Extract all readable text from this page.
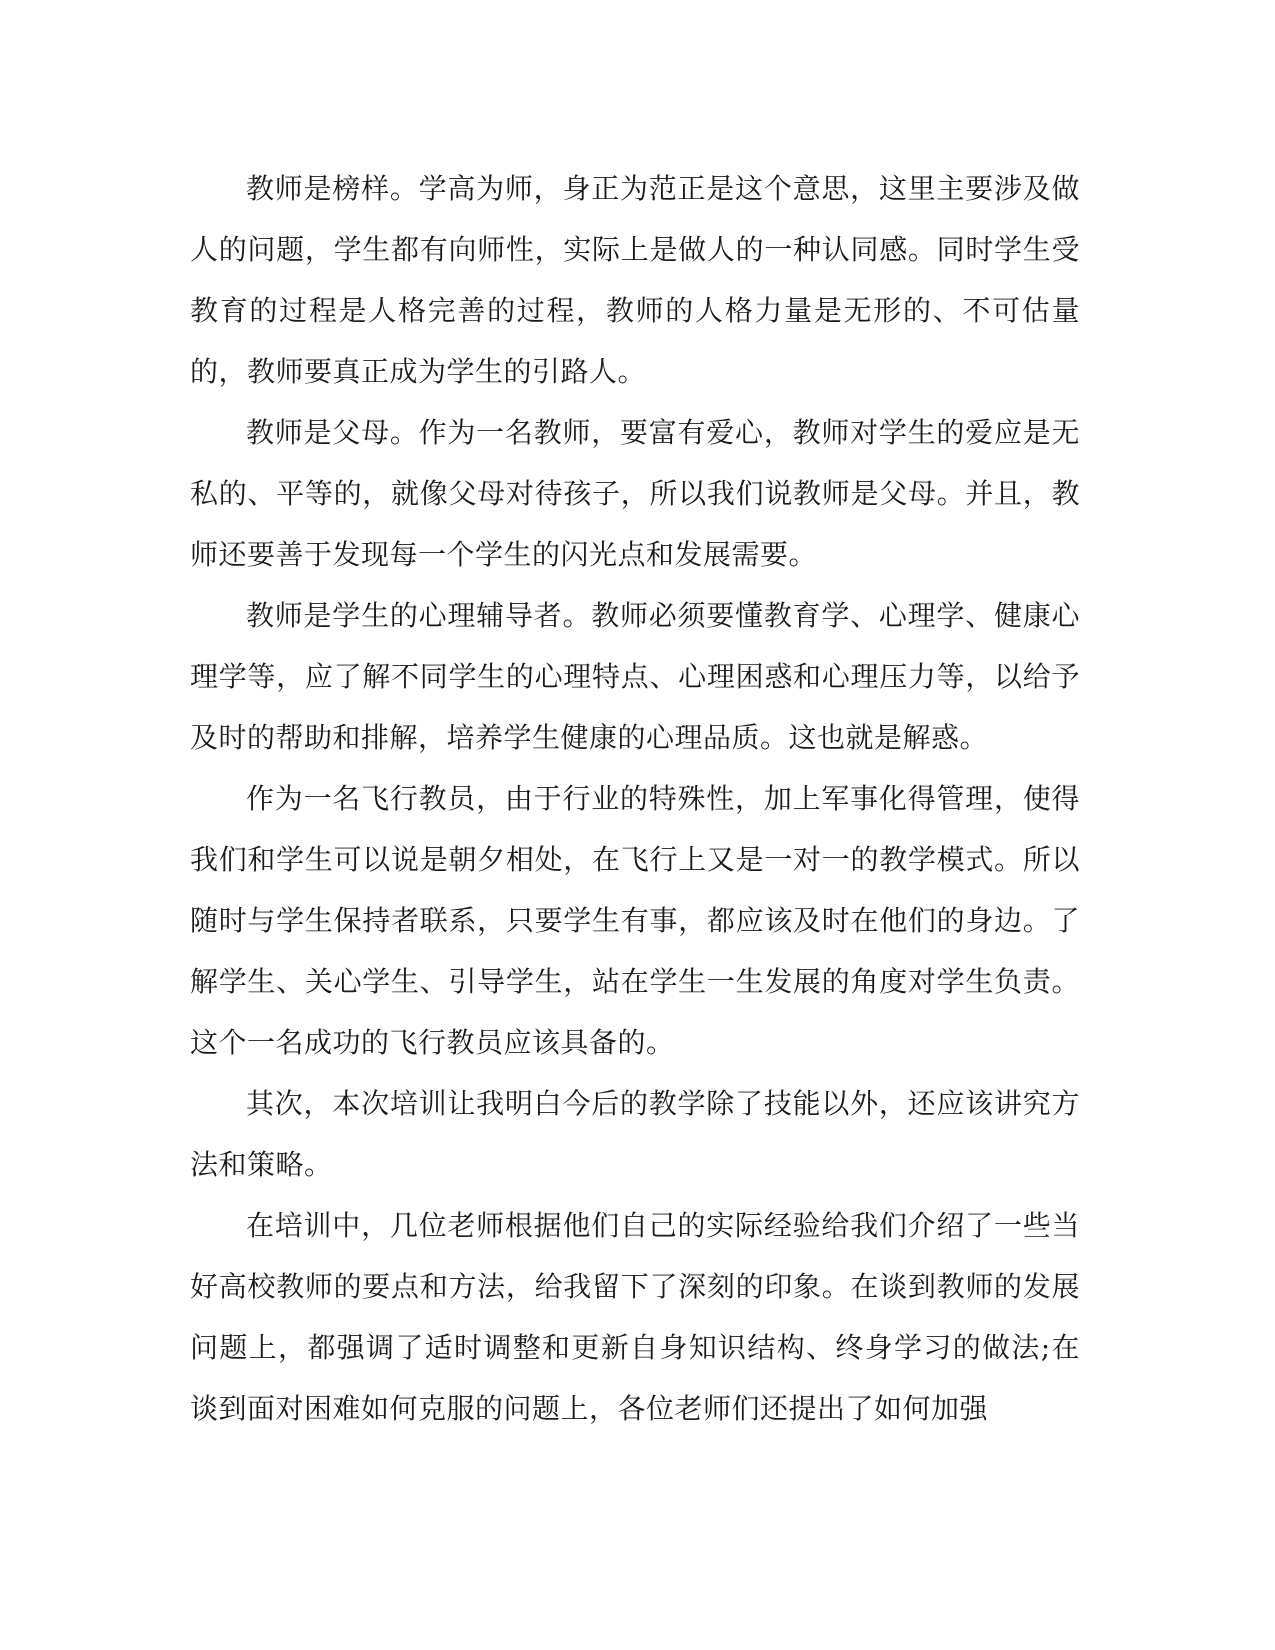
教师是榜样。学高为师，身正为范正是这个意思，这里主要涉及做人的问题，学生都有向师性，实际上是做人的一种认同感。同时学生受教育的过程是人格完善的过程，教师的人格力量是无形的、不可估量的，教师要真正成为学生的引路人。

教师是父母。作为一名教师，要富有爱心，教师对学生的爱应是无私的、平等的，就像父母对待孩子，所以我们说教师是父母。并且，教师还要善于发现每一个学生的闪光点和发展需要。

教师是学生的心理辅导者。教师必须要懂教育学、心理学、健康心理学等，应了解不同学生的心理特点、心理困惑和心理压力等，以给予及时的帮助和排解，培养学生健康的心理品质。这也就是解惑。

作为一名飞行教员，由于行业的特殊性，加上军事化得管理，使得我们和学生可以说是朝夕相处，在飞行上又是一对一的教学模式。所以随时与学生保持者联系，只要学生有事，都应该及时在他们的身边。了解学生、关心学生、引导学生，站在学生一生发展的角度对学生负责。这个一名成功的飞行教员应该具备的。

其次，本次培训让我明白今后的教学除了技能以外，还应该讲究方法和策略。

在培训中，几位老师根据他们自己的实际经验给我们介绍了一些当好高校教师的要点和方法，给我留下了深刻的印象。在谈到教师的发展问题上，都强调了适时调整和更新自身知识结构、终身学习的做法;在谈到面对困难如何克服的问题上，各位老师们还提出了如何加强
